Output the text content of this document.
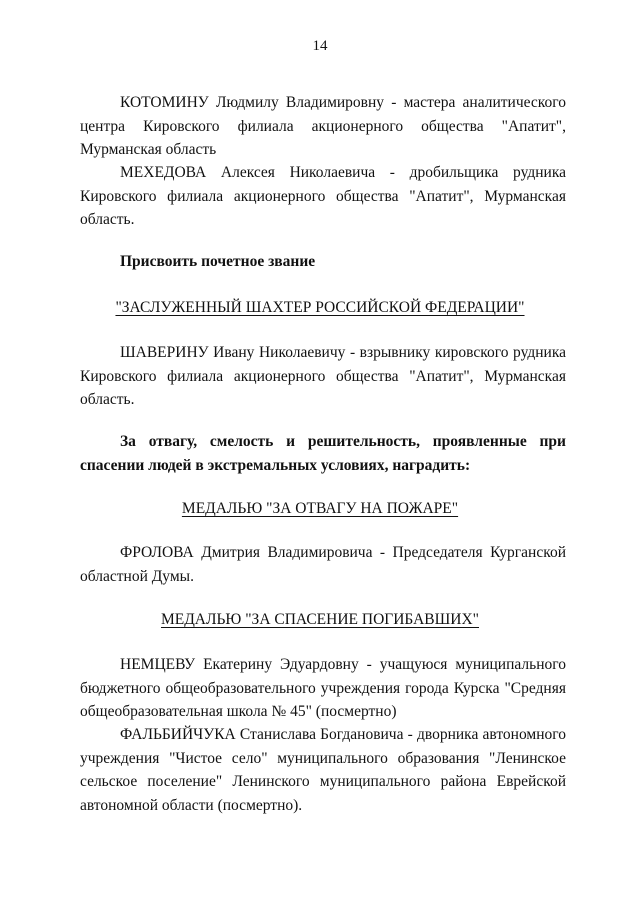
14
КОТОМИНУ Людмилу Владимировну - мастера аналитического центра Кировского филиала акционерного общества "Апатит", Мурманская область
МЕХЕДОВА Алексея Николаевича - дробильщика рудника Кировского филиала акционерного общества "Апатит", Мурманская область.
Присвоить почетное звание
"ЗАСЛУЖЕННЫЙ ШАХТЕР РОССИЙСКОЙ ФЕДЕРАЦИИ"
ШАВЕРИНУ Ивану Николаевичу - взрывнику кировского рудника Кировского филиала акционерного общества "Апатит", Мурманская область.
За отвагу, смелость и решительность, проявленные при спасении людей в экстремальных условиях, наградить:
МЕДАЛЬЮ "ЗА ОТВАГУ НА ПОЖАРЕ"
ФРОЛОВА Дмитрия Владимировича - Председателя Курганской областной Думы.
МЕДАЛЬЮ "ЗА СПАСЕНИЕ ПОГИБАВШИХ"
НЕМЦЕВУ Екатерину Эдуардовну - учащуюся муниципального бюджетного общеобразовательного учреждения города Курска "Средняя общеобразовательная школа № 45" (посмертно)
ФАЛЬБИЙЧУКА Станислава Богдановича - дворника автономного учреждения "Чистое село" муниципального образования "Ленинское сельское поселение" Ленинского муниципального района Еврейской автономной области (посмертно).
